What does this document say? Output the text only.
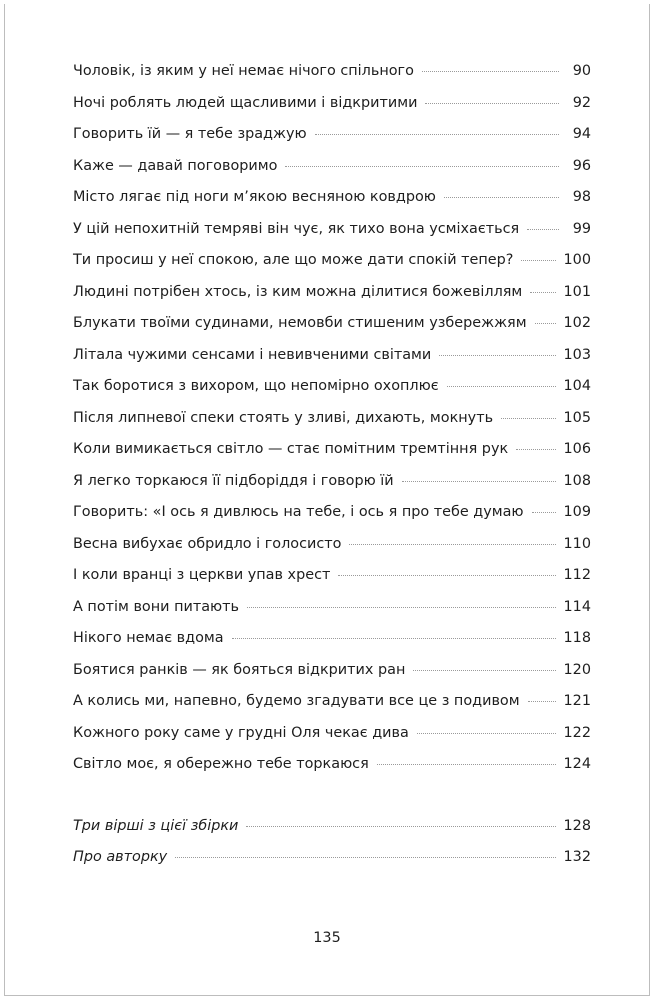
Чоловік, із яким у неї немає нічого спільного	90
Ночі роблять людей щасливими і відкритими	92
Говорить їй — я тебе зраджую	94
Каже — давай поговоримо	96
Місто лягає під ноги м’якою весняною ковдрою	98
У цій непохитній темряві він чує, як тихо вона усміхається	99
Ти просиш у неї спокою, але що може дати спокій тепер?	100
Людині потрібен хтось, із ким можна ділитися божевіллям	101
Блукати твоїми судинами, немовби стишеним узбережжям	102
Літала чужими сенсами і невивченими світами	103
Так боротися з вихором, що непомірно охоплює	104
Після липневої спеки стоять у зливі, дихають, мокнуть	105
Коли вимикається світло — стає помітним тремтіння рук	106
Я легко торкаюся її підборіддя і говорю їй	108
Говорить: «І ось я дивлюсь на тебе, і ось я про тебе думаю	109
Весна вибухає обридло і голосисто	110
І коли вранці з церкви упав хрест	112
А потім вони питають	114
Нікого немає вдома	118
Боятися ранків — як бояться відкритих ран	120
А колись ми, напевно, будемо згадувати все це з подивом	121
Кожного року саме у грудні Оля чекає дива	122
Світло моє, я обережно тебе торкаюся	124
Три вірші з цієї збірки	128
Про авторку	132
135
